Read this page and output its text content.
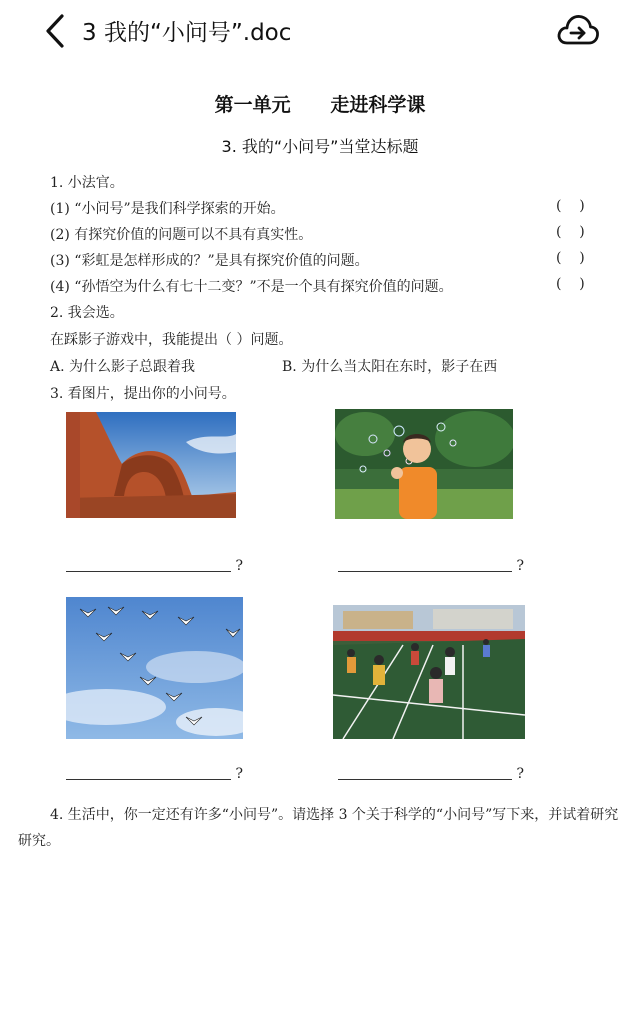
3 我的“小问号”.doc
第一单元      走进科学课
3. 我的“小问号”当堂达标题
1. 小法官。
(1) “小问号”是我们科学探索的开始。	(    )
(2) 有探究价值的问题可以不具有真实性。	(    )
(3) “彩虹是怎样形成的？”是具有探究价值的问题。	(    )
(4) “孙悟空为什么有七十二变？”不是一个具有探究价值的问题。	(    )
2. 我会选。
在踩影子游戏中，我能提出（ ）问题。
A. 为什么影子总跟着我	B. 为什么当太阳在东时，影子在西
3. 看图片，提出你的小问号。
?	?
?	?
4. 生活中，你一定还有许多“小问号”。请选择 3 个关于科学的“小问号”写下来，并试着研究研究。
